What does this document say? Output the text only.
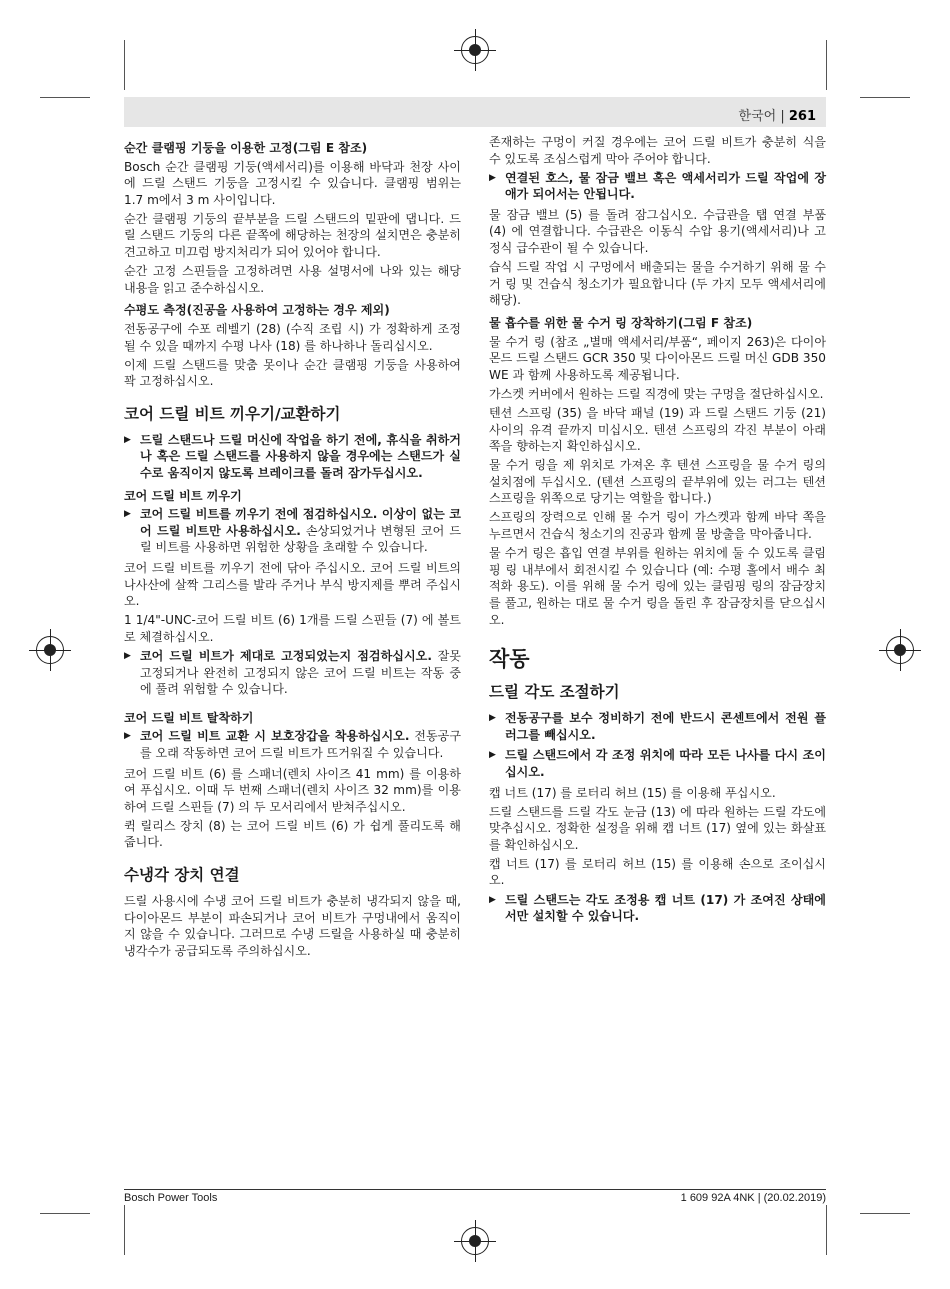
한국어 | 261
순간 클램핑 기둥을 이용한 고정(그림 E 참조)

Bosch 순간 클램핑 기둥(액세서리)를 이용해 바닥과 천장 사이에 드릴 스탠드 기둥을 고정시킬 수 있습니다. 클램핑 범위는 1.7 m에서 3 m 사이입니다.

순간 클램핑 기둥의 끝부분을 드릴 스탠드의 밑판에 댑니다. 드릴 스탠드 기둥의 다른 끝쪽에 해당하는 천장의 설치면은 충분히 견고하고 미끄럼 방지처리가 되어 있어야 합니다.

순간 고정 스핀들을 고정하려면 사용 설명서에 나와 있는 해당 내용을 읽고 준수하십시오.

수평도 측정(진공을 사용하여 고정하는 경우 제외)

전동공구에 수포 레벨기 (28) (수직 조립 시) 가 정확하게 조정될 수 있을 때까지 수평 나사 (18) 를 하나하나 돌리십시오.

이제 드릴 스탠드를 맞춤 못이나 순간 클램핑 기둥을 사용하여 꽉 고정하십시오.

코어 드릴 비트 끼우기/교환하기
▶ 드릴 스탠드나 드릴 머신에 작업을 하기 전에, 휴식을 취하거나 혹은 드릴 스탠드를 사용하지 않을 경우에는 스탠드가 실수로 움직이지 않도록 브레이크를 돌려 잠가두십시오.
코어 드릴 비트 끼우기
▶ 코어 드릴 비트를 끼우기 전에 점검하십시오. 이상이 없는 코어 드릴 비트만 사용하십시오. 손상되었거나 변형된 코어 드릴 비트를 사용하면 위험한 상황을 초래할 수 있습니다.

코어 드릴 비트를 끼우기 전에 닦아 주십시오. 코어 드릴 비트의 나사산에 살짝 그리스를 발라 주거나 부식 방지제를 뿌려 주십시오.

1 1/4"-UNC-코어 드릴 비트 (6) 1개를 드릴 스핀들 (7) 에 볼트로 체결하십시오.

▶ 코어 드릴 비트가 제대로 고정되었는지 점검하십시오. 잘못 고정되거나 완전히 고정되지 않은 코어 드릴 비트는 작동 중에 풀려 위험할 수 있습니다.
코어 드릴 비트 탈착하기
▶ 코어 드릴 비트 교환 시 보호장갑을 착용하십시오. 전동공구를 오래 작동하면 코어 드릴 비트가 뜨거워질 수 있습니다.

코어 드릴 비트 (6) 를 스패너(렌치 사이즈 41 mm) 를 이용하여 푸십시오. 이때 두 번째 스패너(렌치 사이즈 32 mm)를 이용하여 드릴 스핀들 (7) 의 두 모서리에서 받쳐주십시오.

퀵 릴리스 장치 (8) 는 코어 드릴 비트 (6) 가 쉽게 풀리도록 해줍니다.

수냉각 장치 연결

드릴 사용시에 수냉 코어 드릴 비트가 충분히 냉각되지 않을 때, 다이아몬드 부분이 파손되거나 코어 비트가 구멍내에서 움직이지 않을 수 있습니다. 그러므로 수냉 드릴을 사용하실 때 충분히 냉각수가 공급되도록 주의하십시오.

존재하는 구멍이 커질 경우에는 코어 드릴 비트가 충분히 식을 수 있도록 조심스럽게 막아 주어야 합니다.

▶ 연결된 호스, 물 잠금 밸브 혹은 액세서리가 드릴 작업에 장애가 되어서는 안됩니다.

물 잠금 밸브 (5) 를 돌려 잠그십시오. 수급관을 탭 연결 부품 (4) 에 연결합니다. 수급관은 이동식 수압 용기(액세서리)나 고정식 급수관이 될 수 있습니다.

습식 드릴 작업 시 구멍에서 배출되는 물을 수거하기 위해 물 수거 링 및 건습식 청소기가 필요합니다 (두 가지 모두 액세서리에 해당).

물 흡수를 위한 물 수거 링 장착하기(그림 F 참조)

물 수거 링 (참조 „별매 액세서리/부품“, 페이지 263)은 다이아몬드 드릴 스탠드 GCR 350 및 다이아몬드 드릴 머신 GDB 350 WE 과 함께 사용하도록 제공됩니다.

가스켓 커버에서 원하는 드릴 직경에 맞는 구멍을 절단하십시오.

텐션 스프링 (35) 을 바닥 패널 (19) 과 드릴 스탠드 기둥 (21) 사이의 유격 끝까지 미십시오. 텐션 스프링의 각진 부분이 아래쪽을 향하는지 확인하십시오.

물 수거 링을 제 위치로 가져온 후 텐션 스프링을 물 수거 링의 설치점에 두십시오. (텐션 스프링의 끝부위에 있는 러그는 텐션 스프링을 위쪽으로 당기는 역할을 합니다.)

스프링의 장력으로 인해 물 수거 링이 가스켓과 함께 바닥 쪽을 누르면서 건습식 청소기의 진공과 함께 물 방출을 막아줍니다.

물 수거 링은 흡입 연결 부위를 원하는 위치에 둘 수 있도록 클림핑 링 내부에서 회전시킬 수 있습니다 (예: 수평 홀에서 배수 최적화 용도). 이를 위해 물 수거 링에 있는 클림핑 링의 잠금장치를 풀고, 원하는 대로 물 수거 링을 돌린 후 잠금장치를 닫으십시오.

작동
드릴 각도 조절하기
▶ 전동공구를 보수 정비하기 전에 반드시 콘센트에서 전원 플러그를 빼십시오.
▶ 드릴 스탠드에서 각 조정 위치에 따라 모든 나사를 다시 조이십시오.

캡 너트 (17) 를 로터리 허브 (15) 를 이용해 푸십시오.

드릴 스탠드를 드릴 각도 눈금 (13) 에 따라 원하는 드릴 각도에 맞추십시오. 정확한 설정을 위해 캡 너트 (17) 옆에 있는 화살표를 확인하십시오.

캡 너트 (17) 를 로터리 허브 (15) 를 이용해 손으로 조이십시오.

▶ 드릴 스탠드는 각도 조정용 캡 너트 (17) 가 조여진 상태에서만 설치할 수 있습니다.
Bosch Power Tools	1 609 92A 4NK | (20.02.2019)
